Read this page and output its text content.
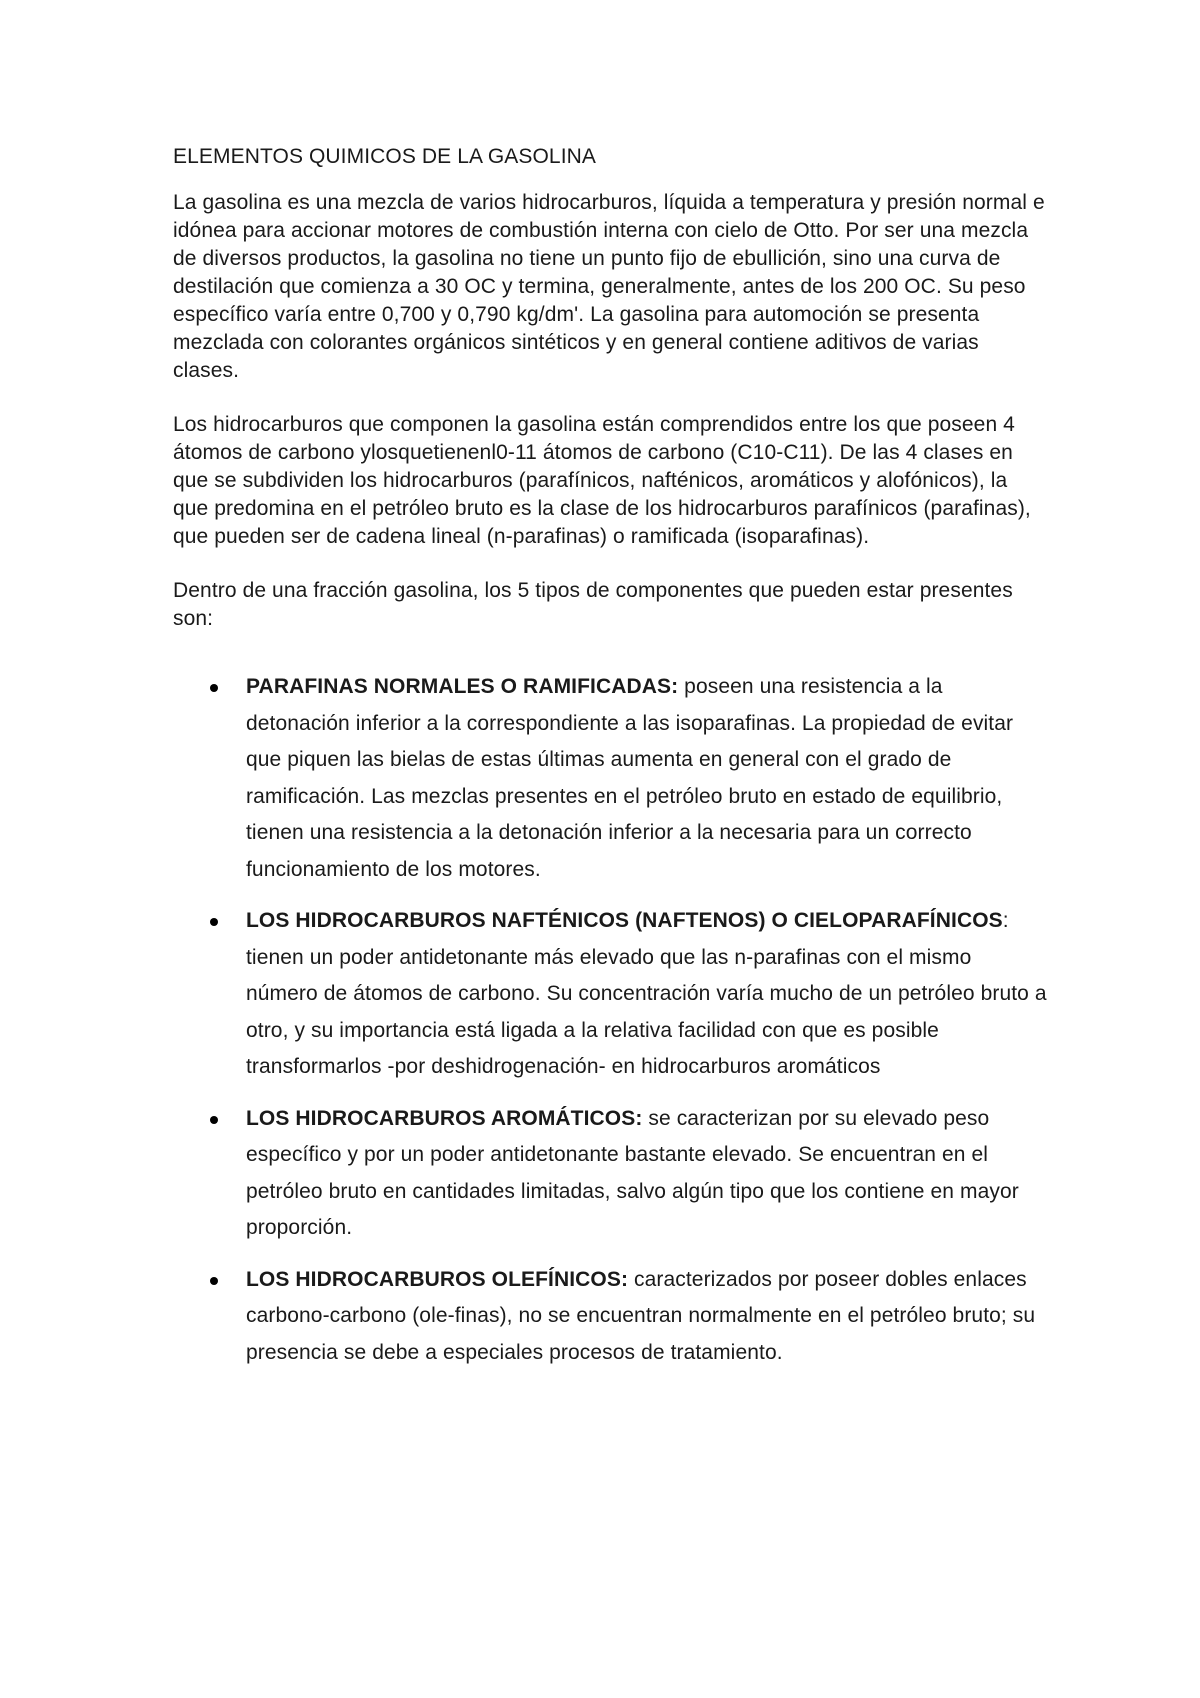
ELEMENTOS QUIMICOS DE LA GASOLINA

La gasolina es una mezcla de varios hidrocarburos, líquida a temperatura y presión normal e idónea para accionar motores de combustión interna con cielo de Otto. Por ser una mezcla de diversos productos, la gasolina no tiene un punto fijo de ebullición, sino una curva de destilación que comienza a 30 OC y termina, generalmente, antes de los 200 OC. Su peso específico varía entre 0,700 y 0,790 kg/dm'. La gasolina para automoción se presenta mezclada con colorantes orgánicos sintéticos y en general contiene aditivos de varias clases.

Los hidrocarburos que componen la gasolina están comprendidos entre los que poseen 4 átomos de carbono ylosquetienenl0-11 átomos de carbono (C10-C11). De las 4 clases en que se subdividen los hidrocarburos (parafínicos, nafténicos, aromáticos y alofónicos), la que predomina en el petróleo bruto es la clase de los hidrocarburos parafínicos (parafinas), que pueden ser de cadena lineal (n-parafinas) o ramificada (isoparafinas).

Dentro de una fracción gasolina, los 5 tipos de componentes que pueden estar presentes son:

PARAFINAS NORMALES O RAMIFICADAS: poseen una resistencia a la detonación inferior a la correspondiente a las isoparafinas. La propiedad de evitar que piquen las bielas de estas últimas aumenta en general con el grado de ramificación. Las mezclas presentes en el petróleo bruto en estado de equilibrio, tienen una resistencia a la detonación inferior a la necesaria para un correcto funcionamiento de los motores.
LOS HIDROCARBUROS NAFTÉNICOS (NAFTENOS) O CIELOPARAFÍNICOS: tienen un poder antidetonante más elevado que las n-parafinas con el mismo número de átomos de carbono. Su concentración varía mucho de un petróleo bruto a otro, y su importancia está ligada a la relativa facilidad con que es posible transformarlos -por deshidrogenación- en hidrocarburos aromáticos
LOS HIDROCARBUROS AROMÁTICOS: se caracterizan por su elevado peso específico y por un poder antidetonante bastante elevado. Se encuentran en el petróleo bruto en cantidades limitadas, salvo algún tipo que los contiene en mayor proporción.
LOS HIDROCARBUROS OLEFÍNICOS: caracterizados por poseer dobles enlaces carbono-carbono (ole-finas), no se encuentran normalmente en el petróleo bruto; su presencia se debe a especiales procesos de tratamiento.
